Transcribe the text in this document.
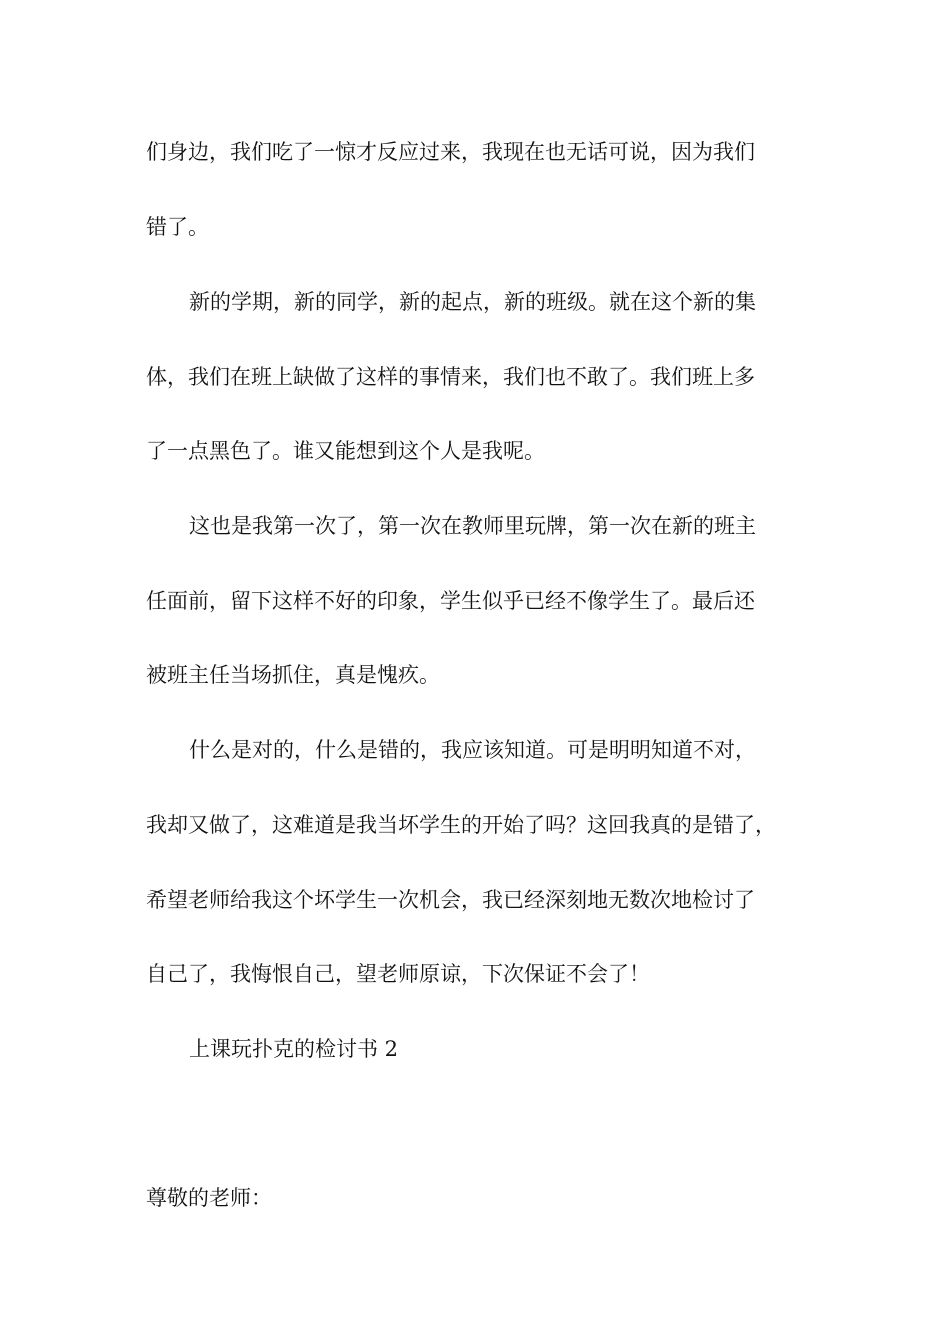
们身边，我们吃了一惊才反应过来，我现在也无话可说，因为我们

错了。

新的学期，新的同学，新的起点，新的班级。就在这个新的集

体，我们在班上缺做了这样的事情来，我们也不敢了。我们班上多

了一点黑色了。谁又能想到这个人是我呢。

这也是我第一次了，第一次在教师里玩牌，第一次在新的班主

任面前，留下这样不好的印象，学生似乎已经不像学生了。最后还

被班主任当场抓住，真是愧疚。

什么是对的，什么是错的，我应该知道。可是明明知道不对，

我却又做了，这难道是我当坏学生的开始了吗？这回我真的是错了，

希望老师给我这个坏学生一次机会，我已经深刻地无数次地检讨了

自己了，我悔恨自己，望老师原谅，下次保证不会了！

上课玩扑克的检讨书 2

尊敬的老师：
